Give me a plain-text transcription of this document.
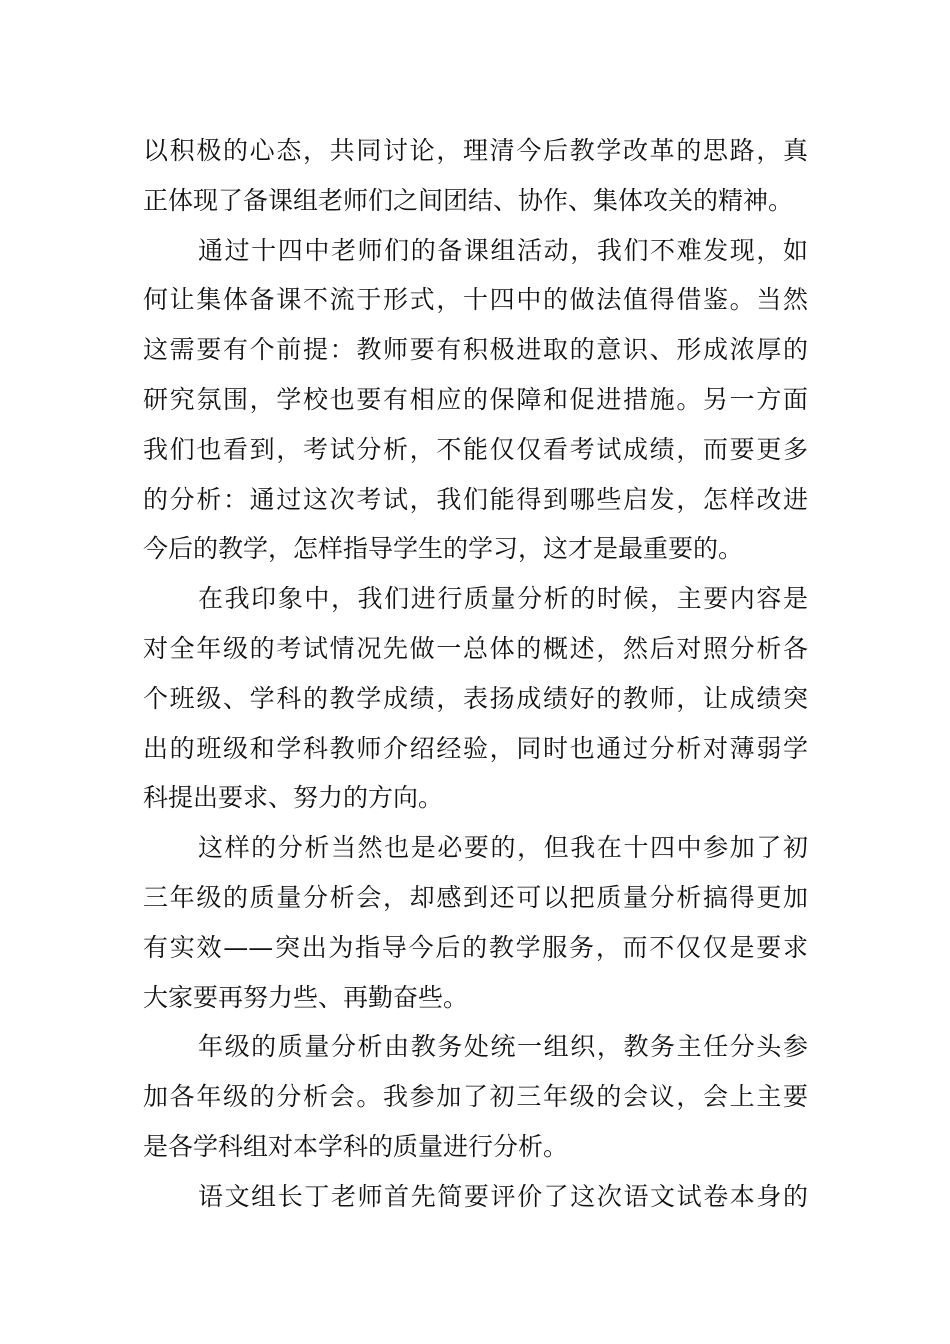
以积极的心态，共同讨论，理清今后教学改革的思路，真
正体现了备课组老师们之间团结、协作、集体攻关的精神。
通过十四中老师们的备课组活动，我们不难发现，如
何让集体备课不流于形式，十四中的做法值得借鉴。当然
这需要有个前提：教师要有积极进取的意识、形成浓厚的
研究氛围，学校也要有相应的保障和促进措施。另一方面
我们也看到，考试分析，不能仅仅看考试成绩，而要更多
的分析：通过这次考试，我们能得到哪些启发，怎样改进
今后的教学，怎样指导学生的学习，这才是最重要的。
在我印象中，我们进行质量分析的时候，主要内容是
对全年级的考试情况先做一总体的概述，然后对照分析各
个班级、学科的教学成绩，表扬成绩好的教师，让成绩突
出的班级和学科教师介绍经验，同时也通过分析对薄弱学
科提出要求、努力的方向。
这样的分析当然也是必要的，但我在十四中参加了初
三年级的质量分析会，却感到还可以把质量分析搞得更加
有实效——突出为指导今后的教学服务，而不仅仅是要求
大家要再努力些、再勤奋些。
年级的质量分析由教务处统一组织，教务主任分头参
加各年级的分析会。我参加了初三年级的会议，会上主要
是各学科组对本学科的质量进行分析。
语文组长丁老师首先简要评价了这次语文试卷本身的
